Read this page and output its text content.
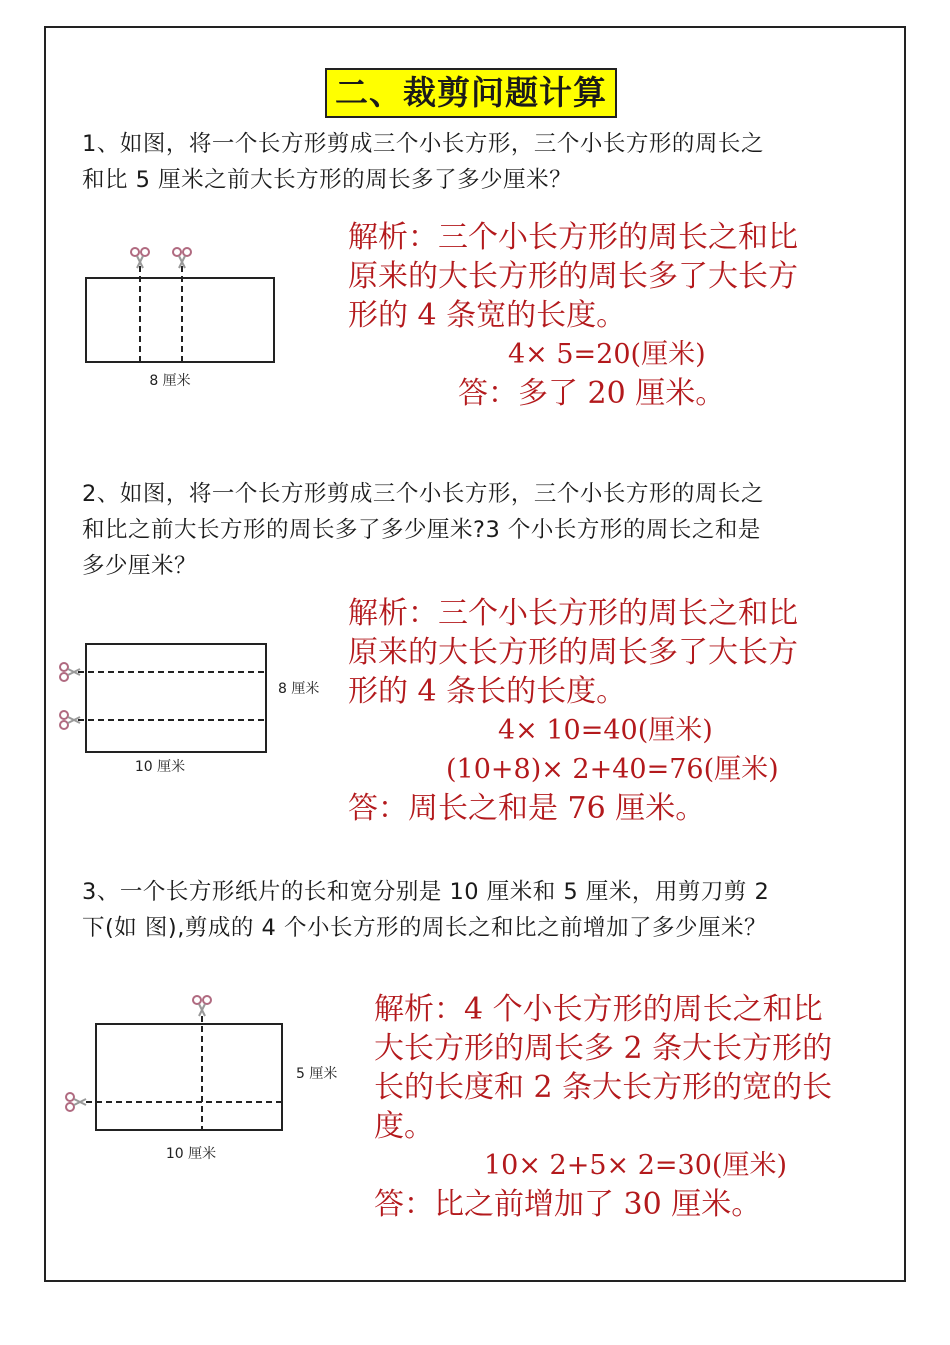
二、裁剪问题计算

1、如图，将一个长方形剪成三个小长方形，三个小长方形的周长之
和比 5 厘米之前大长方形的周长多了多少厘米？

8 厘米
解析：三个小长方形的周长之和比
原来的大长方形的周长多了大长方
形的 4 条宽的长度。
4× 5=20(厘米)
答：多了 20 厘米。

2、如图，将一个长方形剪成三个小长方形，三个小长方形的周长之
和比之前大长方形的周长多了多少厘米?3 个小长方形的周长之和是
多少厘米？

8 厘米
10 厘米
解析：三个小长方形的周长之和比
原来的大长方形的周长多了大长方
形的 4 条长的长度。
4× 10=40(厘米)
(10+8)× 2+40=76(厘米)
答：周长之和是 76 厘米。

3、一个长方形纸片的长和宽分别是 10 厘米和 5 厘米，用剪刀剪 2
下(如 图),剪成的 4 个小长方形的周长之和比之前增加了多少厘米？

5 厘米
10 厘米
解析：4 个小长方形的周长之和比
大长方形的周长多 2 条大长方形的
长的长度和 2 条大长方形的宽的长
度。
10× 2+5× 2=30(厘米)
答：比之前增加了 30 厘米。
